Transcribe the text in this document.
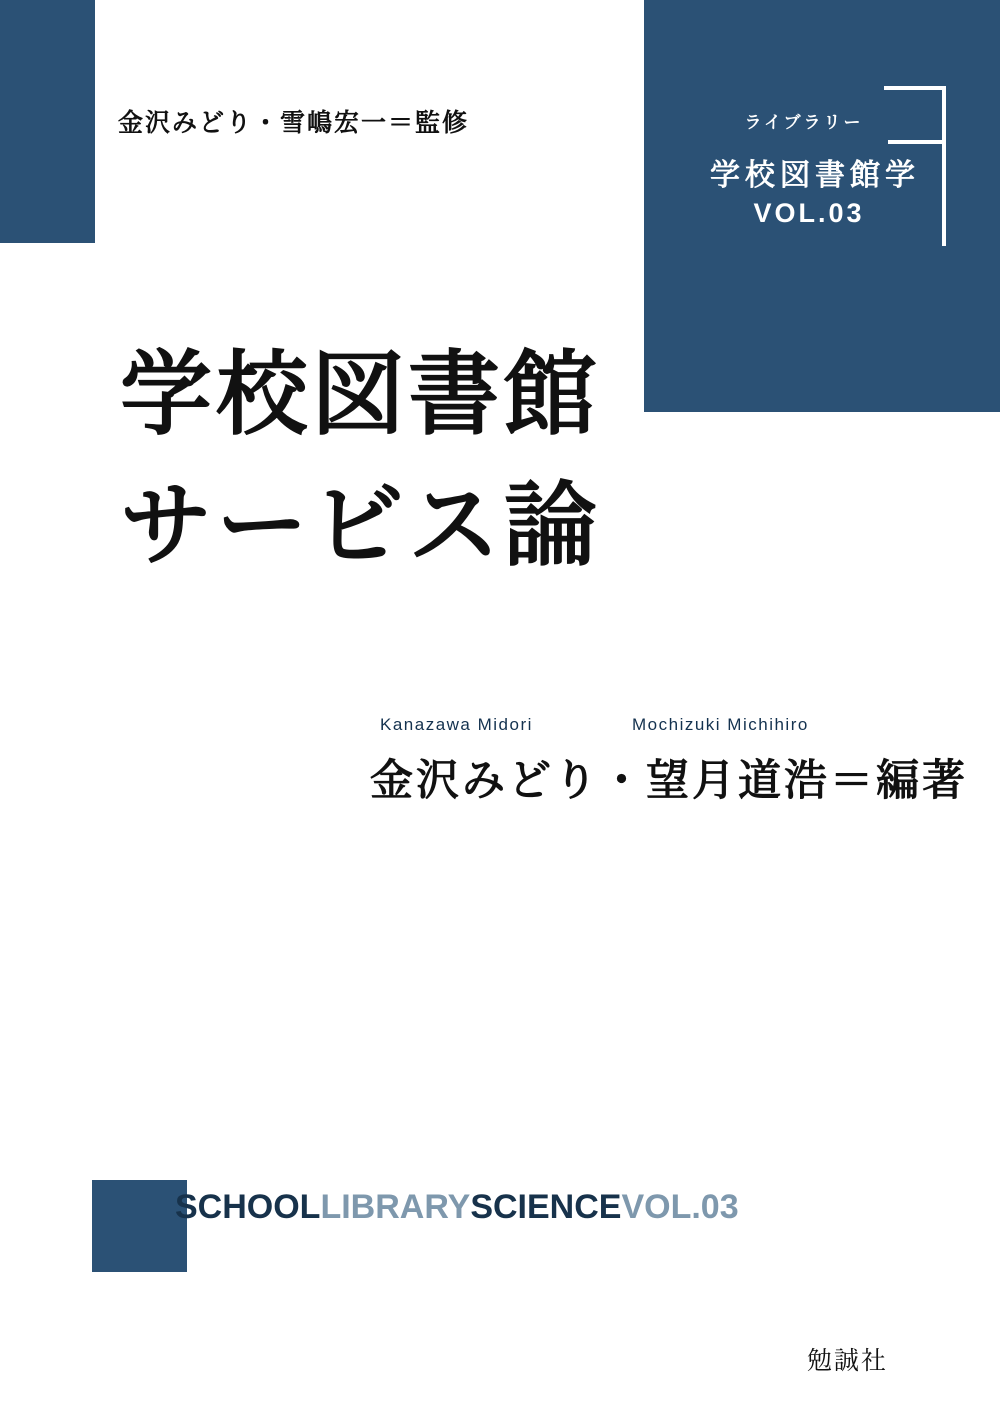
ライブラリー
学校図書館学
VOL.03
金沢みどり・雪嶋宏一＝監修
学校図書館
サービス論
Kanazawa Midori	Mochizuki Michihiro
金沢みどり・望月道浩＝編著
SCHOOLLIBRARYSCIENCEVOL.03
勉誠社
